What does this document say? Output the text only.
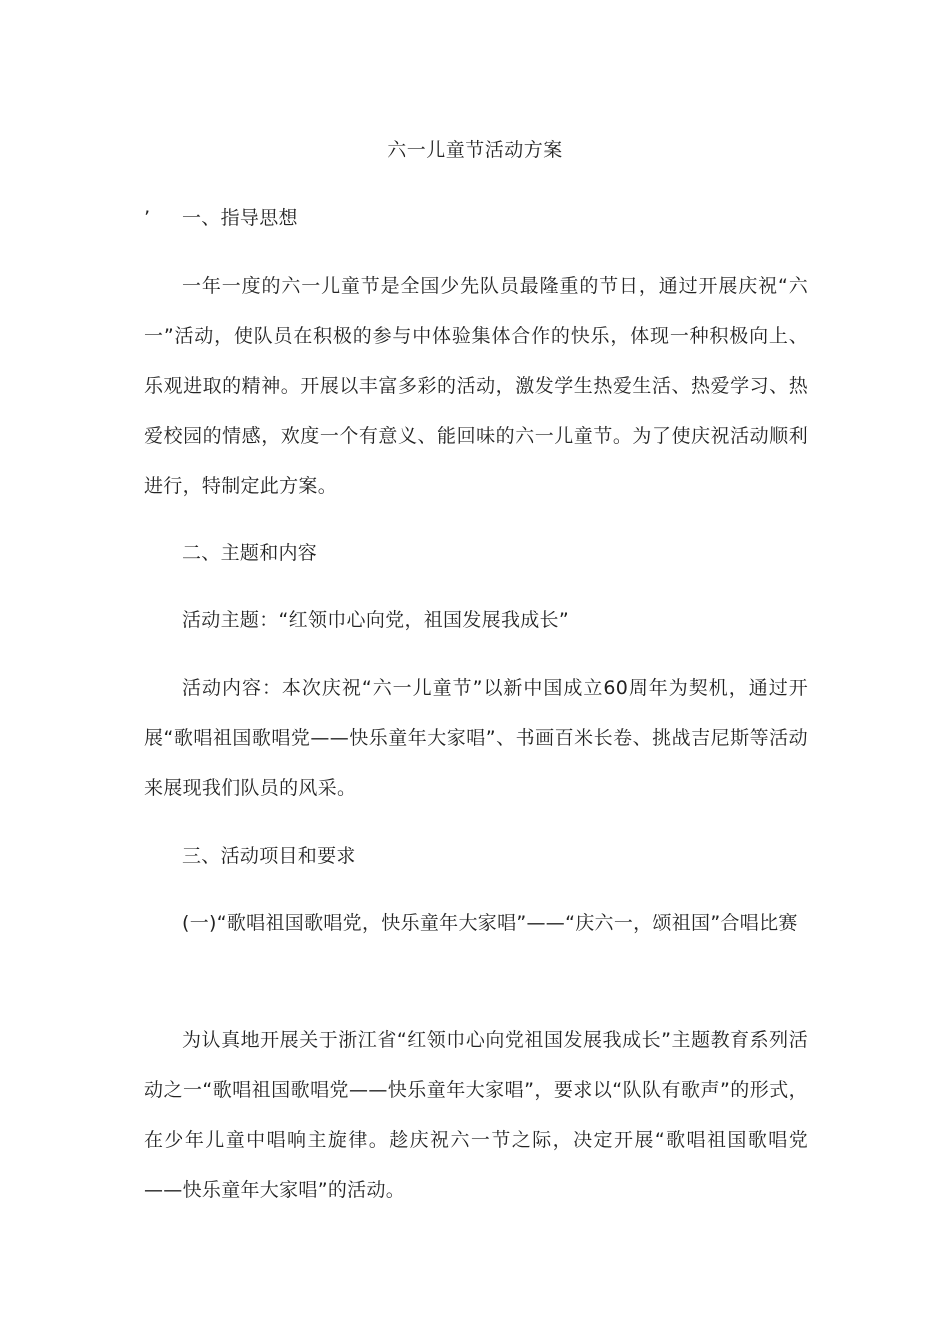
六一儿童节活动方案
’ 一、指导思想
一年一度的六一儿童节是全国少先队员最隆重的节日，通过开展庆祝“六一”活动，使队员在积极的参与中体验集体合作的快乐，体现一种积极向上、乐观进取的精神。开展以丰富多彩的活动，激发学生热爱生活、热爱学习、热爱校园的情感，欢度一个有意义、能回味的六一儿童节。为了使庆祝活动顺利进行，特制定此方案。
二、主题和内容
活动主题：“红领巾心向党，祖国发展我成长”
活动内容：本次庆祝“六一儿童节”以新中国成立60周年为契机，通过开展“歌唱祖国歌唱党——快乐童年大家唱”、书画百米长卷、挑战吉尼斯等活动来展现我们队员的风采。
三、活动项目和要求
(一)“歌唱祖国歌唱党，快乐童年大家唱”——“庆六一，颂祖国”合唱比赛
为认真地开展关于浙江省“红领巾心向党祖国发展我成长”主题教育系列活动之一“歌唱祖国歌唱党——快乐童年大家唱”，要求以“队队有歌声”的形式，在少年儿童中唱响主旋律。趁庆祝六一节之际，决定开展“歌唱祖国歌唱党——快乐童年大家唱”的活动。
